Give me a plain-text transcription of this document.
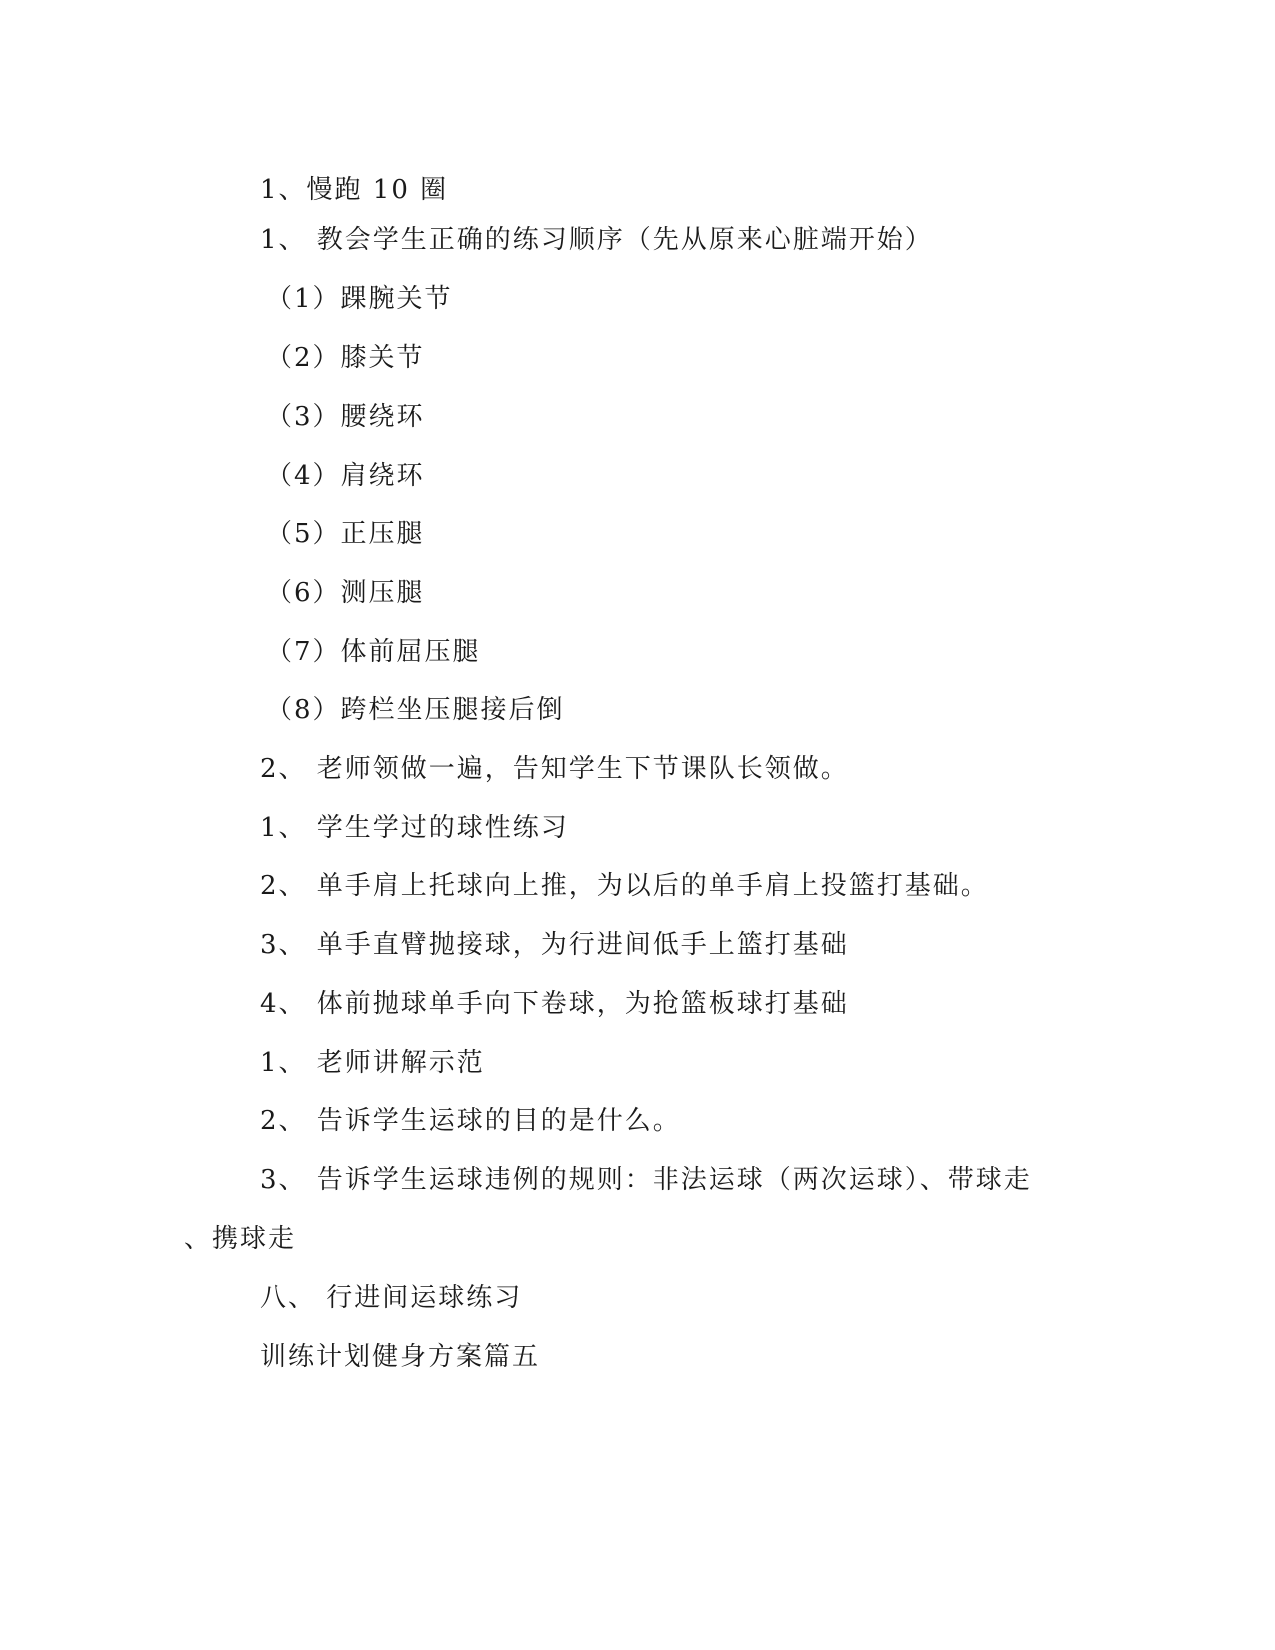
1、慢跑 10 圈
1、 教会学生正确的练习顺序（先从原来心脏端开始）
（1）踝腕关节
（2）膝关节
（3）腰绕环
（4）肩绕环
（5）正压腿
（6）测压腿
（7）体前屈压腿
（8）跨栏坐压腿接后倒
2、 老师领做一遍，告知学生下节课队长领做。
1、 学生学过的球性练习
2、 单手肩上托球向上推，为以后的单手肩上投篮打基础。
3、 单手直臂抛接球，为行进间低手上篮打基础
4、 体前抛球单手向下卷球，为抢篮板球打基础
1、 老师讲解示范
2、 告诉学生运球的目的是什么。
3、 告诉学生运球违例的规则：非法运球（两次运球）、带球走
、携球走
八、 行进间运球练习
训练计划健身方案篇五
